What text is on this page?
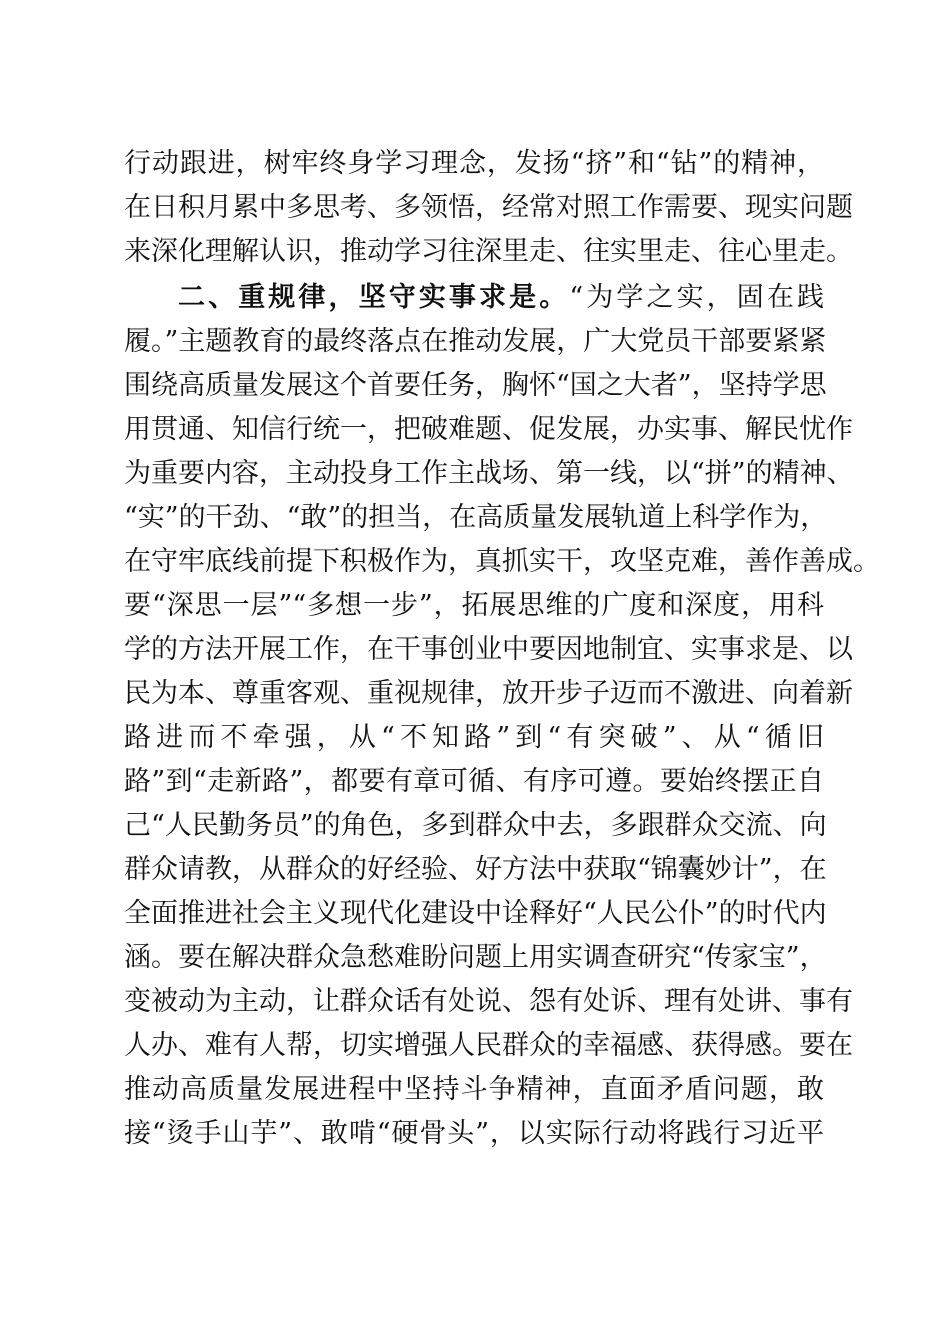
行动跟进，树牢终身学习理念，发扬“挤”和“钻”的精神，
在日积月累中多思考、多领悟，经常对照工作需要、现实问题
来深化理解认识，推动学习往深里走、往实里走、往心里走。
二、重规律，坚守实事求是。“为学之实，固在践
履。”主题教育的最终落点在推动发展，广大党员干部要紧紧
围绕高质量发展这个首要任务，胸怀“国之大者”，坚持学思
用贯通、知信行统一，把破难题、促发展，办实事、解民忧作
为重要内容，主动投身工作主战场、第一线，以“拼”的精神、
“实”的干劲、“敢”的担当，在高质量发展轨道上科学作为，
在守牢底线前提下积极作为，真抓实干，攻坚克难，善作善成。
要“深思一层”“多想一步”，拓展思维的广度和深度，用科
学的方法开展工作，在干事创业中要因地制宜、实事求是、以
民为本、尊重客观、重视规律，放开步子迈而不激进、向着新
路进而不牵强，从“不知路”到“有突破”、从“循旧
路”到“走新路”，都要有章可循、有序可遵。要始终摆正自
己“人民勤务员”的角色，多到群众中去，多跟群众交流、向
群众请教，从群众的好经验、好方法中获取“锦囊妙计”，在
全面推进社会主义现代化建设中诠释好“人民公仆”的时代内
涵。要在解决群众急愁难盼问题上用实调查研究“传家宝”，
变被动为主动，让群众话有处说、怨有处诉、理有处讲、事有
人办、难有人帮，切实增强人民群众的幸福感、获得感。要在
推动高质量发展进程中坚持斗争精神，直面矛盾问题，敢
接“烫手山芋”、敢啃“硬骨头”，以实际行动将践行习近平
